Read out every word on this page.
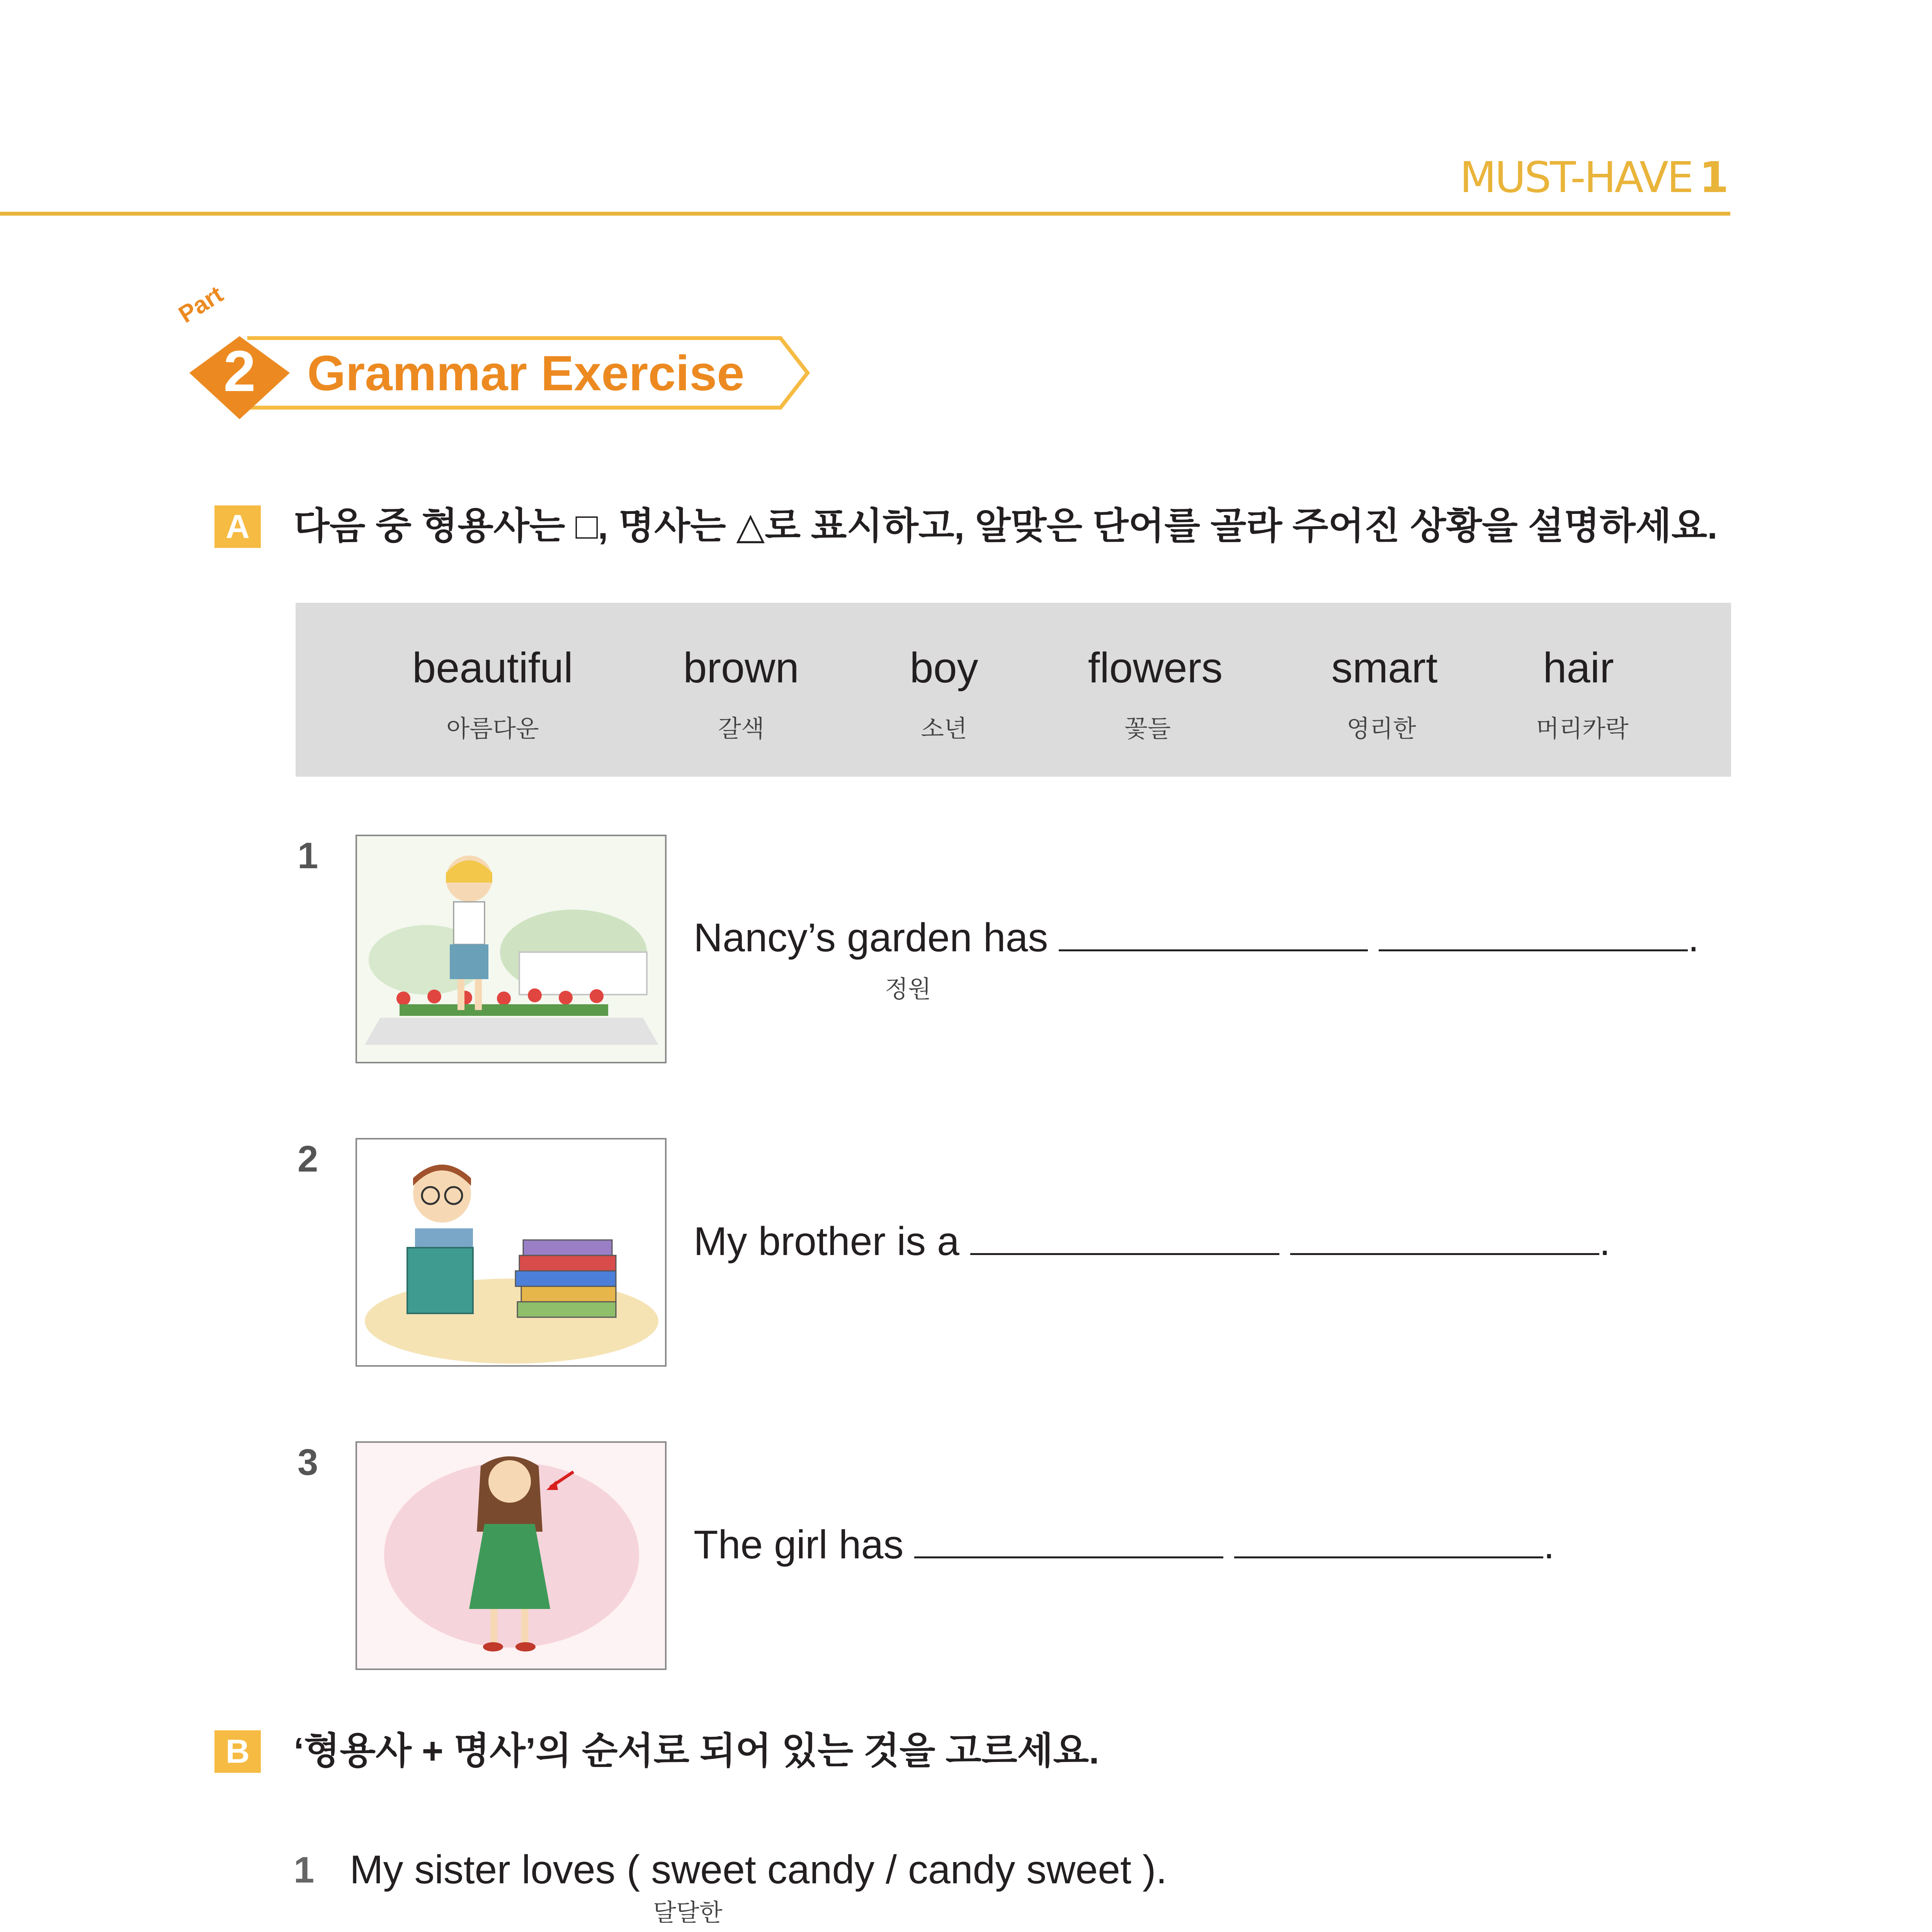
MUST-HAVE 1
Part
2 Grammar Exercise
A	다음 중 형용사는 □, 명사는 △로 표시하고, 알맞은 단어를 골라 주어진 상황을 설명하세요.
beautiful
아름다운
brown
갈색
boy
소년
flowers
꽃들
smart
영리한
hair
머리카락
1
Nancy’s garden has	.
정원
2
My brother is a	.
3
The girl has	.
B	‘형용사 + 명사’의 순서로 되어 있는 것을 고르세요.
1 My sister loves ( sweet candy / candy sweet ).
달달한
